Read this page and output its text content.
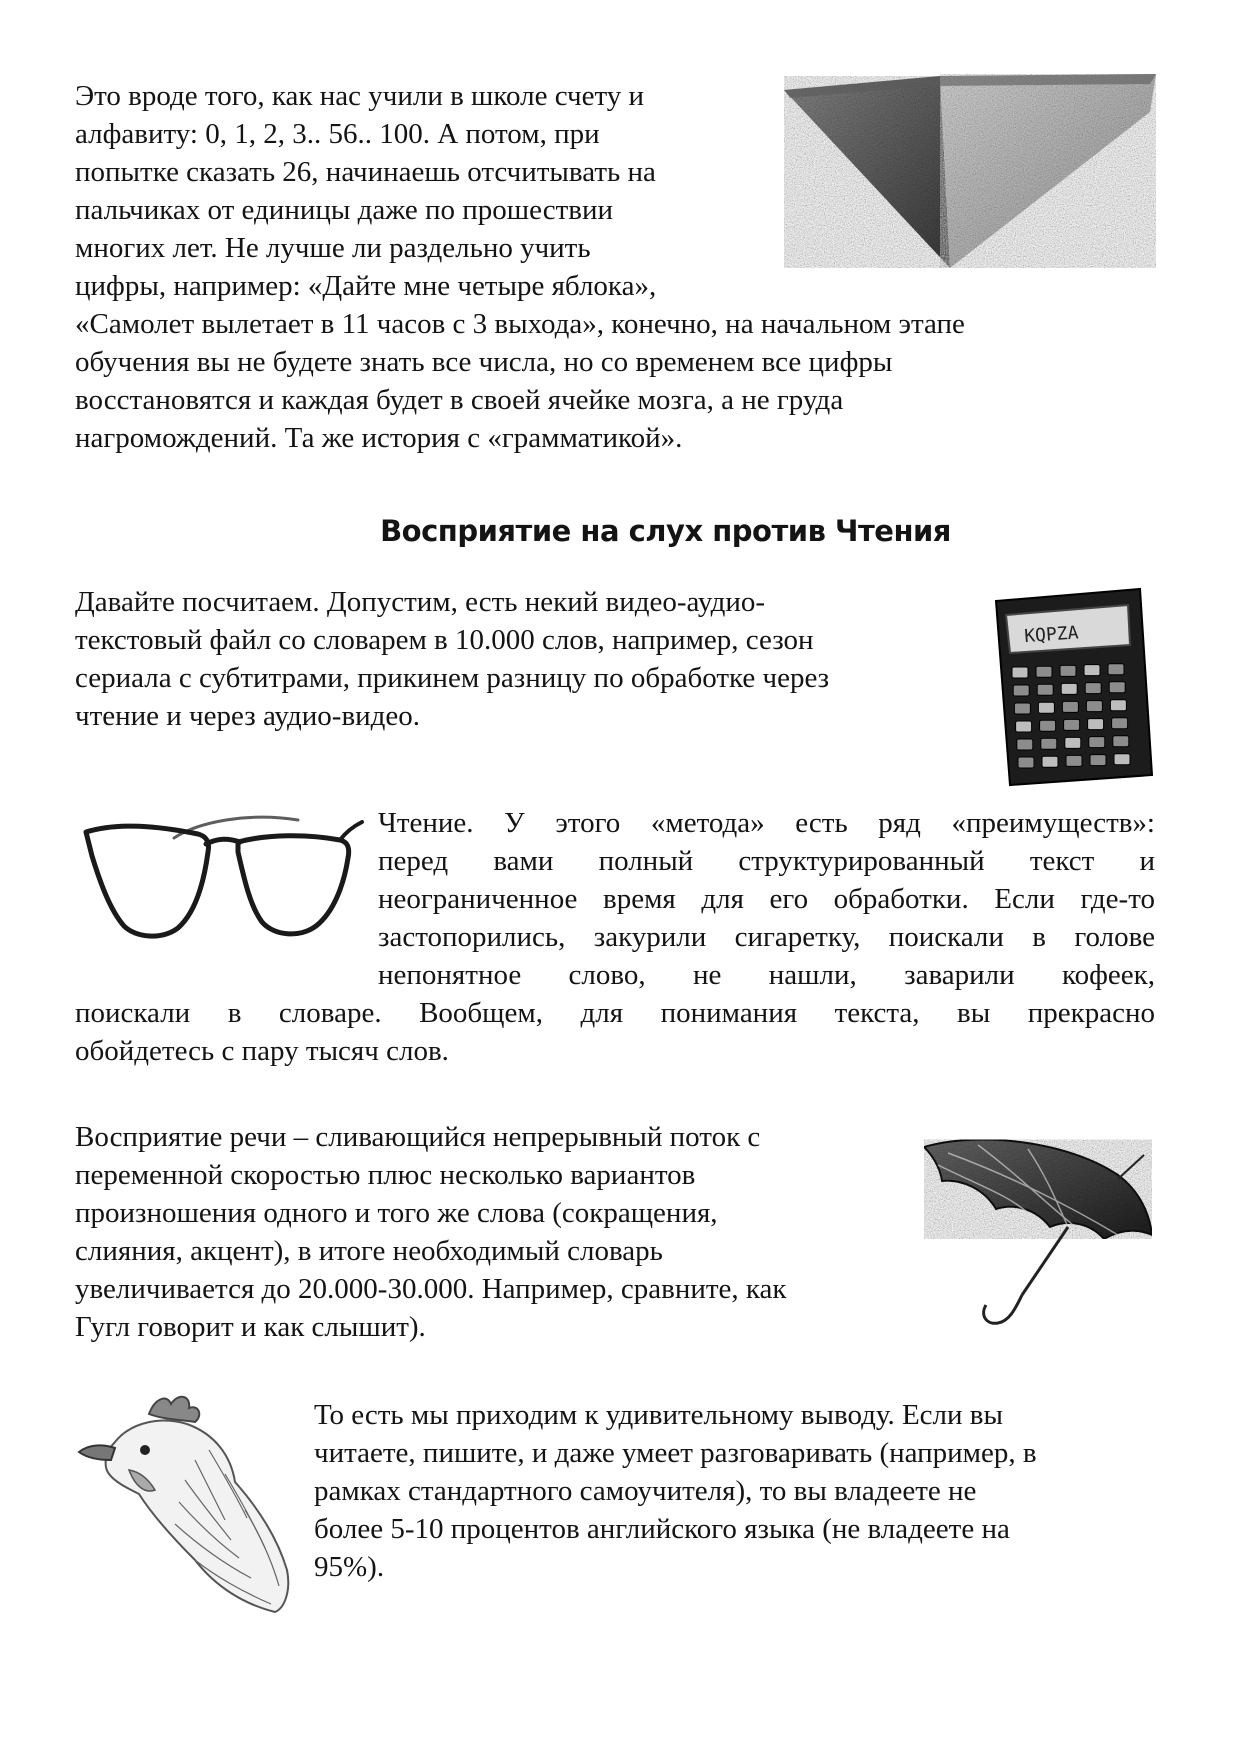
Это вроде того, как нас учили в школе счету и
алфавиту: 0, 1, 2, 3.. 56.. 100. А потом, при
попытке сказать 26, начинаешь отсчитывать на
пальчиках от единицы даже по прошествии
многих лет. Не лучше ли раздельно учить
цифры, например: «Дайте мне четыре яблока»,
«Самолет вылетает в 11 часов с 3 выхода», конечно, на начальном этапе
обучения вы не будете знать все числа, но со временем все цифры
восстановятся и каждая будет в своей ячейке мозга, а не груда
нагромождений. Та же история с «грамматикой».
Восприятие на слух против Чтения
Давайте посчитаем. Допустим, есть некий видео-аудио-
текстовый файл со словарем в 10.000 слов, например, сезон
сериала с субтитрами, прикинем разницу по обработке через
чтение и через аудио-видео.
KQPZA
Чтение. У этого «метода» есть ряд «преимуществ»:
перед вами полный структурированный текст и
неограниченное время для его обработки. Если где-то
застопорились, закурили сигаретку, поискали в голове
непонятное слово, не нашли, заварили кофеек,
поискали в словаре. Вообщем, для понимания текста, вы прекрасно
обойдетесь с пару тысяч слов.
Восприятие речи – сливающийся непрерывный поток с
переменной скоростью плюс несколько вариантов
произношения одного и того же слова (сокращения,
слияния, акцент), в итоге необходимый словарь
увеличивается до 20.000-30.000. Например, сравните, как
Гугл говорит и как слышит).
То есть мы приходим к удивительному выводу. Если вы
читаете, пишите, и даже умеет разговаривать (например, в
рамках стандартного самоучителя), то вы владеете не
более 5-10 процентов английского языка (не владеете на
95%).
